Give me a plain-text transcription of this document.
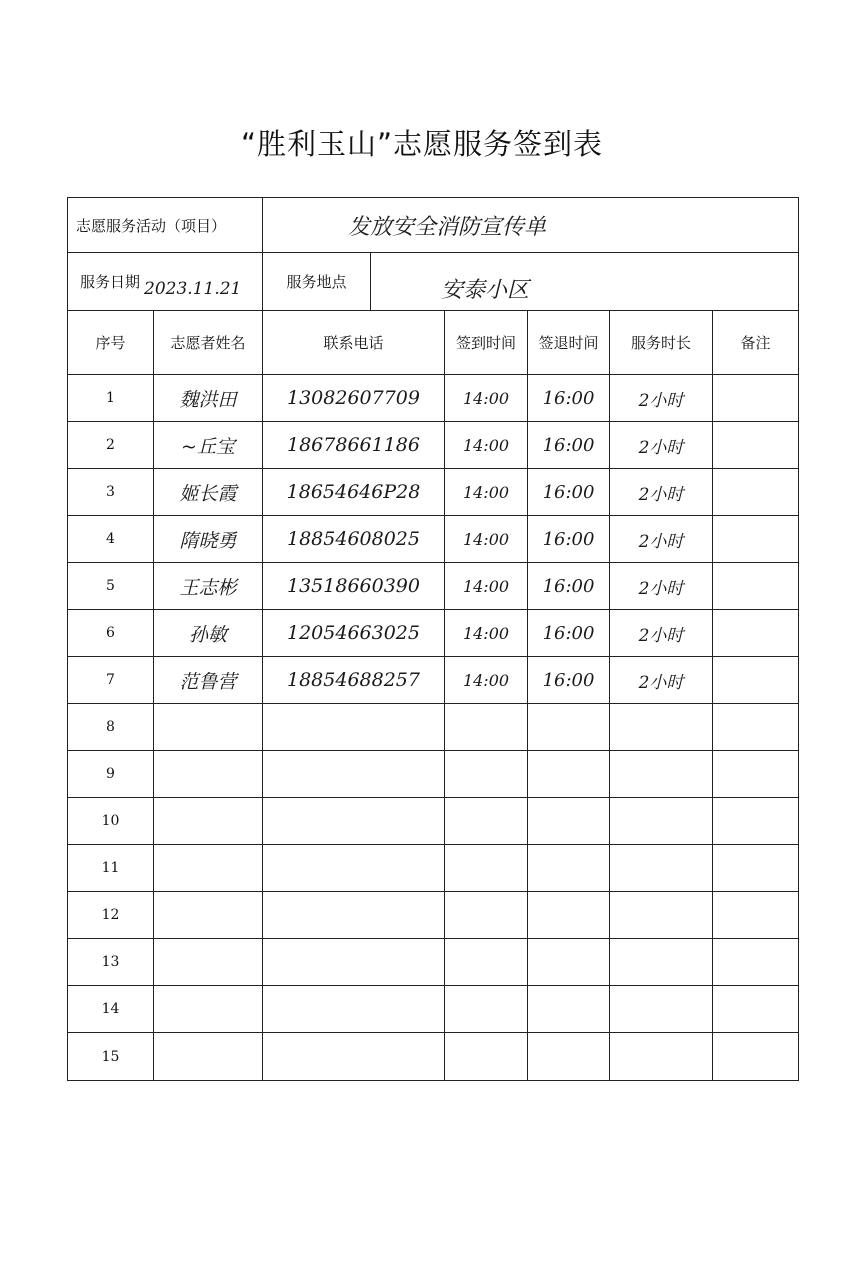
“胜利玉山”志愿服务签到表
志愿服务活动（项目）	发放安全消防宣传单
服务日期 2023.11.21	服务地点	安泰小区
序号	志愿者姓名	联系电话	签到时间	签退时间	服务时长	备注
1	魏洪田	13082607709	14:00	16:00	2小时
2	~丘宝	18678661186	14:00	16:00	2小时
3	姬长霞	18654646P28	14:00	16:00	2小时
4	隋晓勇	18854608025	14:00	16:00	2小时
5	王志彬	13518660390	14:00	16:00	2小时
6	孙敏	12054663025	14:00	16:00	2小时
7	范鲁营	18854688257	14:00	16:00	2小时
8
9
10
11
12
13
14
15
